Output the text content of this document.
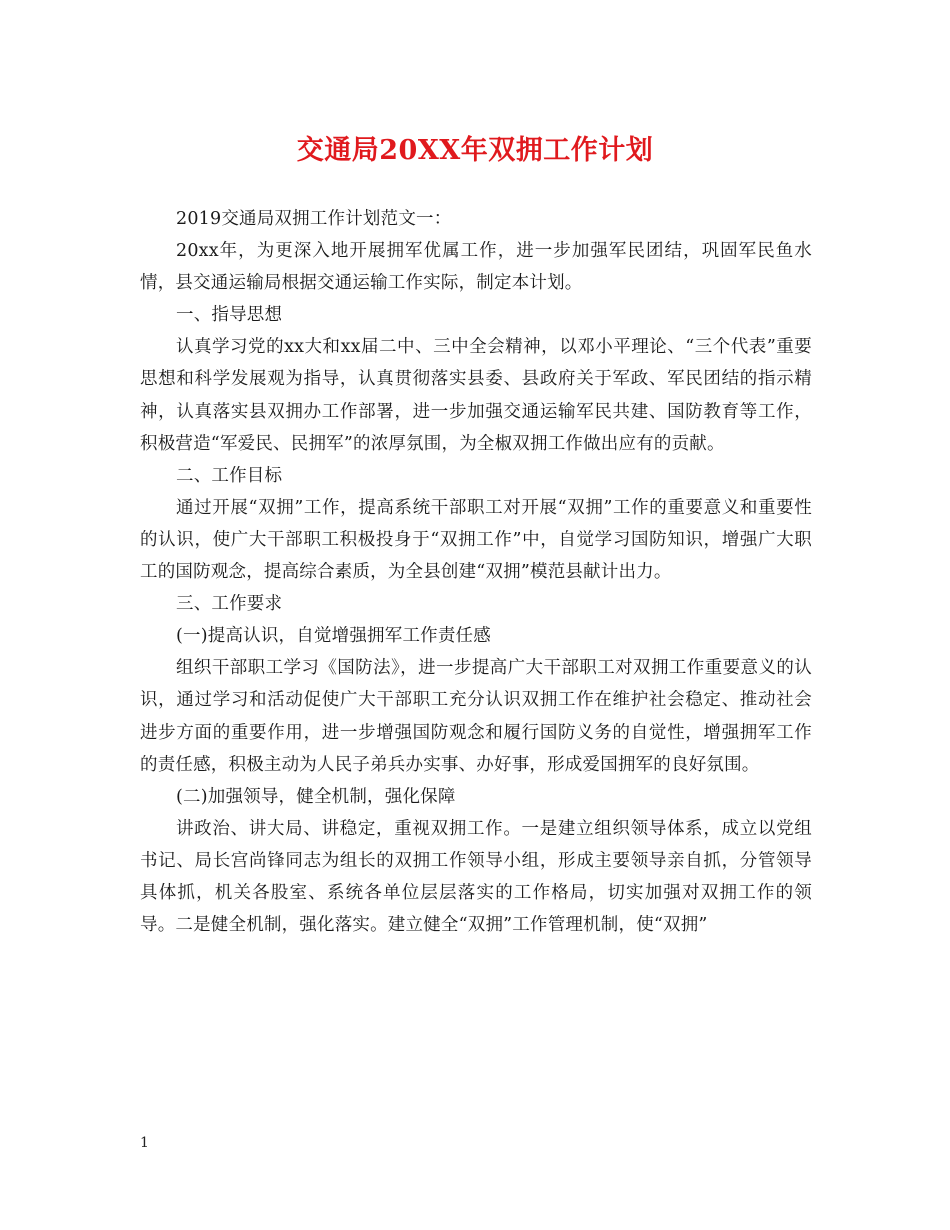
交通局20XX年双拥工作计划

2019交通局双拥工作计划范文一：

20xx年，为更深入地开展拥军优属工作，进一步加强军民团结，巩固军民鱼水情，县交通运输局根据交通运输工作实际，制定本计划。

一、指导思想

认真学习党的xx大和xx届二中、三中全会精神，以邓小平理论、“三个代表”重要思想和科学发展观为指导，认真贯彻落实县委、县政府关于军政、军民团结的指示精神，认真落实县双拥办工作部署，进一步加强交通运输军民共建、国防教育等工作，积极营造“军爱民、民拥军”的浓厚氛围，为全椒双拥工作做出应有的贡献。

二、工作目标

通过开展“双拥”工作，提高系统干部职工对开展“双拥”工作的重要意义和重要性的认识，使广大干部职工积极投身于“双拥工作”中，自觉学习国防知识，增强广大职工的国防观念，提高综合素质，为全县创建“双拥”模范县献计出力。

三、工作要求

(一)提高认识，自觉增强拥军工作责任感

组织干部职工学习《国防法》，进一步提高广大干部职工对双拥工作重要意义的认识，通过学习和活动促使广大干部职工充分认识双拥工作在维护社会稳定、推动社会进步方面的重要作用，进一步增强国防观念和履行国防义务的自觉性，增强拥军工作的责任感，积极主动为人民子弟兵办实事、办好事，形成爱国拥军的良好氛围。

(二)加强领导，健全机制，强化保障

讲政治、讲大局、讲稳定，重视双拥工作。一是建立组织领导体系，成立以党组书记、局长宫尚锋同志为组长的双拥工作领导小组，形成主要领导亲自抓，分管领导具体抓，机关各股室、系统各单位层层落实的工作格局，切实加强对双拥工作的领导。二是健全机制，强化落实。建立健全“双拥”工作管理机制，使“双拥”

1
